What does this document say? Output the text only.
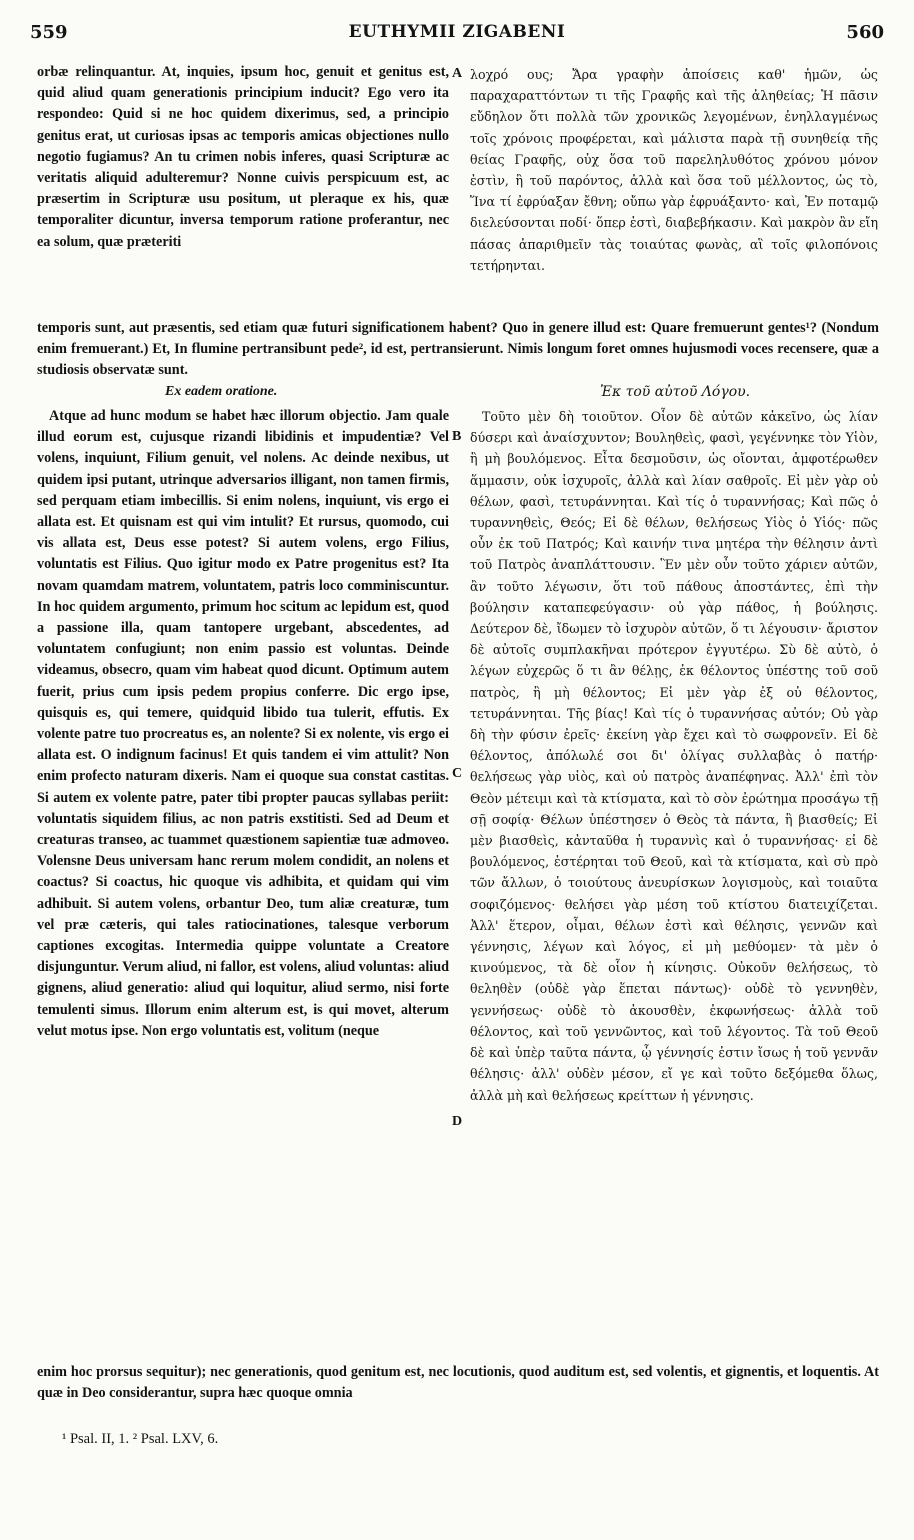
559	EUTHYMII ZIGABENI	560

orbæ relinquantur. At, inquies, ipsum hoc, genuit et genitus est, quid aliud quam generationis principium inducit? Ego vero ita respondeo: Quid si ne hoc quidem dixerimus, sed, a principio genitus erat, ut curiosas ipsas ac temporis amicas objectiones nullo negotio fugiamus? An tu crimen nobis inferes, quasi Scripturæ ac veritatis aliquid adulteremur? Nonne cuivis perspicuum est, ac præsertim in Scripturæ usu positum, ut pleraque ex his, quæ temporaliter dicuntur, inversa temporum ratione proferantur, nec ea solum, quæ præteriti

λοχρό ους; Ἄρα γραφὴν ἀποίσεις καθ' ἡμῶν, ὡς παραχαραττόντων τι τῆς Γραφῆς καὶ τῆς ἀληθείας; Ἡ πᾶσιν εὔδηλον ὅτι πολλὰ τῶν χρονικῶς λεγομένων, ἐνηλλαγμένως τοῖς χρόνοις προφέρεται, καὶ μάλιστα παρὰ τῇ συνηθείᾳ τῆς θείας Γραφῆς, οὐχ ὅσα τοῦ παρεληλυθότος χρόνου μόνον ἐστὶν, ἢ τοῦ παρόντος, ἀλλὰ καὶ ὅσα τοῦ μέλλοντος, ὡς τὸ, Ἵνα τί ἐφρύαξαν ἔθνη; οὔπω γὰρ ἐφρυάξαντο· καὶ, Ἐν ποταμῷ διελεύσονται ποδί· ὅπερ ἐστὶ, διαβεβήκασιν. Καὶ μακρὸν ἂν εἴη πάσας ἀπαριθμεῖν τὰς τοιαύτας φωνὰς, αἳ τοῖς φιλοπόνοις τετήρηνται.

temporis sunt, aut præsentis, sed etiam quæ futuri significationem habent? Quo in genere illud est: Quare fremuerunt gentes¹? (Nondum enim fremuerant.) Et, In flumine pertransibunt pede², id est, pertransierunt. Nimis longum foret omnes hujusmodi voces recensere, quæ a studiosis observatæ sunt.
Ex eadem oratione.	Ἐκ τοῦ αὐτοῦ Λόγου.

Atque ad hunc modum se habet hæc illorum objectio. Jam quale illud eorum est, cujusque rizandi libidinis et impudentiæ? Vel volens, inquiunt, Filium genuit, vel nolens. Ac deinde nexibus, ut quidem ipsi putant, utrinque adversarios illigant, non tamen firmis, sed perquam etiam imbecillis. Si enim nolens, inquiunt, vis ergo ei allata est. Et quisnam est qui vim intulit? Et rursus, quomodo, cui vis allata est, Deus esse potest? Si autem volens, ergo Filius, voluntatis est Filius. Quo igitur modo ex Patre progenitus est? Ita novam quamdam matrem, voluntatem, patris loco comminiscuntur. In hoc quidem argumento, primum hoc scitum ac lepidum est, quod a passione illa, quam tantopere urgebant, abscedentes, ad voluntatem confugiunt; non enim passio est voluntas. Deinde videamus, obsecro, quam vim habeat quod dicunt. Optimum autem fuerit, prius cum ipsis pedem propius conferre. Dic ergo ipse, quisquis es, qui temere, quidquid libido tua tulerit, effutis. Ex volente patre tuo procreatus es, an nolente? Si ex nolente, vis ergo ei allata est. O indignum facinus! Et quis tandem ei vim attulit? Non enim profecto naturam dixeris. Nam ei quoque sua constat castitas. Si autem ex volente patre, pater tibi propter paucas syllabas periit: voluntatis siquidem filius, ac non patris exstitisti. Sed ad Deum et creaturas transeo, ac tuammet quæstionem sapientiæ tuæ admoveo. Volensne Deus universam hanc rerum molem condidit, an nolens et coactus? Si coactus, hic quoque vis adhibita, et quidam qui vim adhibuit. Si autem volens, orbantur Deo, tum aliæ creaturæ, tum vel præ cæteris, qui tales ratiocinationes, talesque verborum captiones excogitas. Intermedia quippe voluntate a Creatore disjunguntur. Verum aliud, ni fallor, est volens, aliud voluntas: aliud gignens, aliud generatio: aliud qui loquitur, aliud sermo, nisi forte temulenti simus. Illorum enim alterum est, is qui movet, alterum velut motus ipse. Non ergo voluntatis est, volitum (neque

Τοῦτο μὲν δὴ τοιοῦτον. Οἷον δὲ αὐτῶν κἀκεῖνο, ὡς λίαν δύσερι καὶ ἀναίσχυντον; Βουληθεὶς, φασὶ, γεγέννηκε τὸν Υἱὸν, ἢ μὴ βουλόμενος. Εἶτα δεσμοῦσιν, ὡς οἴονται, ἀμφοτέρωθεν ἅμμασιν, οὐκ ἰσχυροῖς, ἀλλὰ καὶ λίαν σαθροῖς. Εἰ μὲν γὰρ οὐ θέλων, φασὶ, τετυράννηται. Καὶ τίς ὁ τυραννήσας; Καὶ πῶς ὁ τυραννηθεὶς, Θεός; Εἰ δὲ θέλων, θελήσεως Υἱὸς ὁ Υἱός· πῶς οὖν ἐκ τοῦ Πατρός; Καὶ καινήν τινα μητέρα τὴν θέλησιν ἀντὶ τοῦ Πατρὸς ἀναπλάττουσιν. Ἓν μὲν οὖν τοῦτο χάριεν αὐτῶν, ἂν τοῦτο λέγωσιν, ὅτι τοῦ πάθους ἀποστάντες, ἐπὶ τὴν βούλησιν καταπεφεύγασιν· οὐ γὰρ πάθος, ἡ βούλησις. Δεύτερον δὲ, ἴδωμεν τὸ ἰσχυρὸν αὐτῶν, ὅ τι λέγουσιν· ἄριστον δὲ αὐτοῖς συμπλακῆναι πρότερον ἐγγυτέρω. Σὺ δὲ αὐτὸ, ὁ λέγων εὐχερῶς ὅ τι ἂν θέλῃς, ἐκ θέλοντος ὑπέστης τοῦ σοῦ πατρὸς, ἢ μὴ θέλοντος; Εἰ μὲν γὰρ ἐξ οὐ θέλοντος, τετυράννηται. Τῆς βίας! Καὶ τίς ὁ τυραννήσας αὐτόν; Οὐ γὰρ δὴ τὴν φύσιν ἐρεῖς· ἐκείνη γὰρ ἔχει καὶ τὸ σωφρονεῖν. Εἰ δὲ θέλοντος, ἀπόλωλέ σοι δι' ὀλίγας συλλαβὰς ὁ πατήρ· θελήσεως γὰρ υἱὸς, καὶ οὐ πατρὸς ἀναπέφηνας. Ἀλλ' ἐπὶ τὸν Θεὸν μέτειμι καὶ τὰ κτίσματα, καὶ τὸ σὸν ἐρώτημα προσάγω τῇ σῇ σοφίᾳ· Θέλων ὑπέστησεν ὁ Θεὸς τὰ πάντα, ἢ βιασθείς; Εἰ μὲν βιασθεὶς, κἀνταῦθα ἡ τυραννὶς καὶ ὁ τυραννήσας· εἰ δὲ βουλόμενος, ἐστέρηται τοῦ Θεοῦ, καὶ τὰ κτίσματα, καὶ σὺ πρὸ τῶν ἄλλων, ὁ τοιούτους ἀνευρίσκων λογισμοὺς, καὶ τοιαῦτα σοφιζόμενος· θελήσει γὰρ μέση τοῦ κτίστου διατειχίζεται. Ἀλλ' ἕτερον, οἶμαι, θέλων ἐστὶ καὶ θέλησις, γεννῶν καὶ γέννησις, λέγων καὶ λόγος, εἰ μὴ μεθύομεν· τὰ μὲν ὁ κινούμενος, τὰ δὲ οἷον ἡ κίνησις. Οὐκοῦν θελήσεως, τὸ θεληθὲν (οὐδὲ γὰρ ἕπεται πάντως)· οὐδὲ τὸ γεννηθὲν, γεννήσεως· οὐδὲ τὸ ἀκουσθὲν, ἐκφωνήσεως· ἀλλὰ τοῦ θέλοντος, καὶ τοῦ γεννῶντος, καὶ τοῦ λέγοντος. Τὰ τοῦ Θεοῦ δὲ καὶ ὑπὲρ ταῦτα πάντα, ᾧ γέννησίς ἐστιν ἴσως ἡ τοῦ γεννᾶν θέλησις· ἀλλ' οὐδὲν μέσον, εἴ γε καὶ τοῦτο δεξόμεθα ὅλως, ἀλλὰ μὴ καὶ θελήσεως κρείττων ἡ γέννησις.

enim hoc prorsus sequitur); nec generationis, quod genitum est, nec locutionis, quod auditum est, sed volentis, et gignentis, et loquentis. At quæ in Deo considerantur, supra hæc quoque omnia
A
B
C
D
¹ Psal. II, 1. ² Psal. LXV, 6.
